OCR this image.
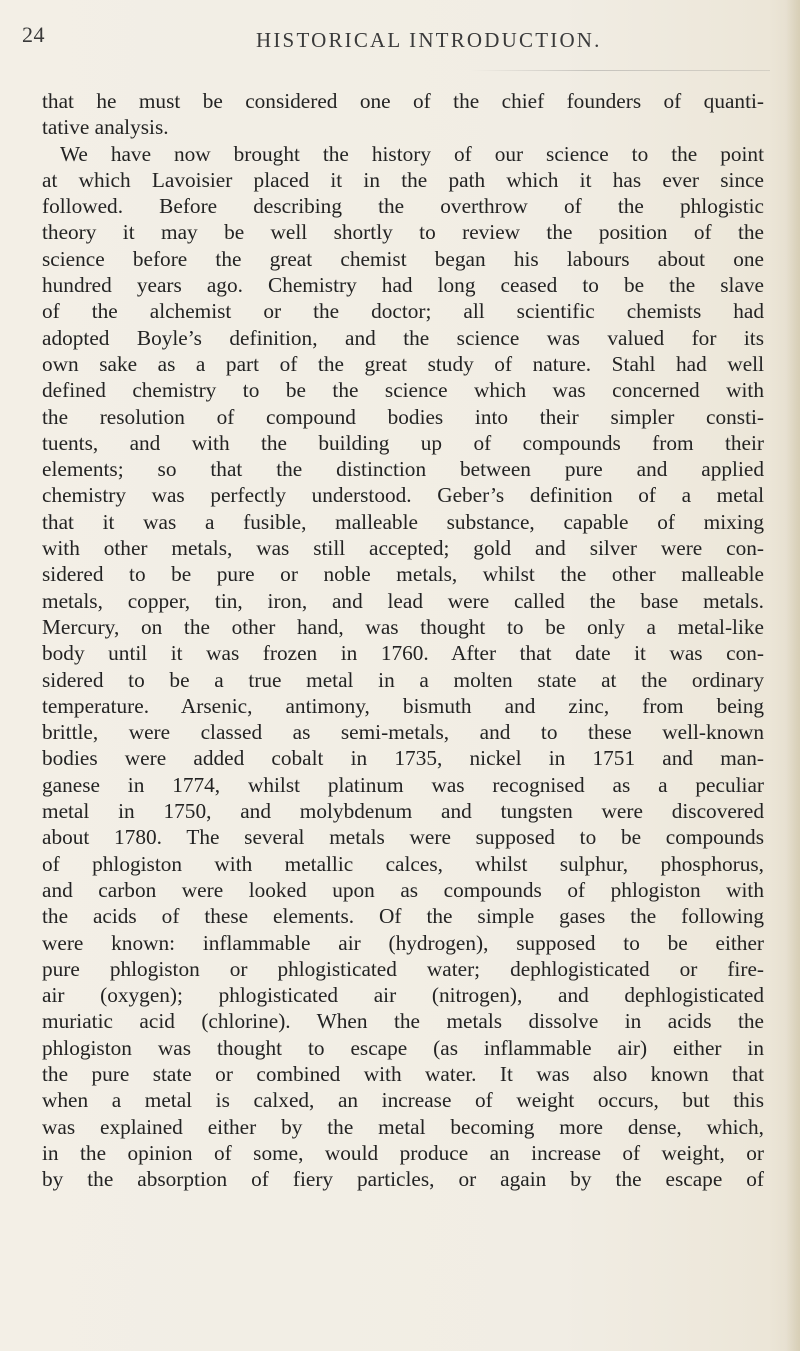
24	HISTORICAL INTRODUCTION.
that he must be considered one of the chief founders of quanti-
tative analysis.
We have now brought the history of our science to the point
at which Lavoisier placed it in the path which it has ever since
followed. Before describing the overthrow of the phlogistic
theory it may be well shortly to review the position of the
science before the great chemist began his labours about one
hundred years ago. Chemistry had long ceased to be the slave
of the alchemist or the doctor; all scientific chemists had
adopted Boyle’s definition, and the science was valued for its
own sake as a part of the great study of nature. Stahl had well
defined chemistry to be the science which was concerned with
the resolution of compound bodies into their simpler consti-
tuents, and with the building up of compounds from their
elements; so that the distinction between pure and applied
chemistry was perfectly understood. Geber’s definition of a metal
that it was a fusible, malleable substance, capable of mixing
with other metals, was still accepted; gold and silver were con-
sidered to be pure or noble metals, whilst the other malleable
metals, copper, tin, iron, and lead were called the base metals.
Mercury, on the other hand, was thought to be only a metal-like
body until it was frozen in 1760. After that date it was con-
sidered to be a true metal in a molten state at the ordinary
temperature. Arsenic, antimony, bismuth and zinc, from being
brittle, were classed as semi-metals, and to these well-known
bodies were added cobalt in 1735, nickel in 1751 and man-
ganese in 1774, whilst platinum was recognised as a peculiar
metal in 1750, and molybdenum and tungsten were discovered
about 1780. The several metals were supposed to be compounds
of phlogiston with metallic calces, whilst sulphur, phosphorus,
and carbon were looked upon as compounds of phlogiston with
the acids of these elements. Of the simple gases the following
were known: inflammable air (hydrogen), supposed to be either
pure phlogiston or phlogisticated water; dephlogisticated or fire-
air (oxygen); phlogisticated air (nitrogen), and dephlogisticated
muriatic acid (chlorine). When the metals dissolve in acids the
phlogiston was thought to escape (as inflammable air) either in
the pure state or combined with water. It was also known that
when a metal is calxed, an increase of weight occurs, but this
was explained either by the metal becoming more dense, which,
in the opinion of some, would produce an increase of weight, or
by the absorption of fiery particles, or again by the escape of
